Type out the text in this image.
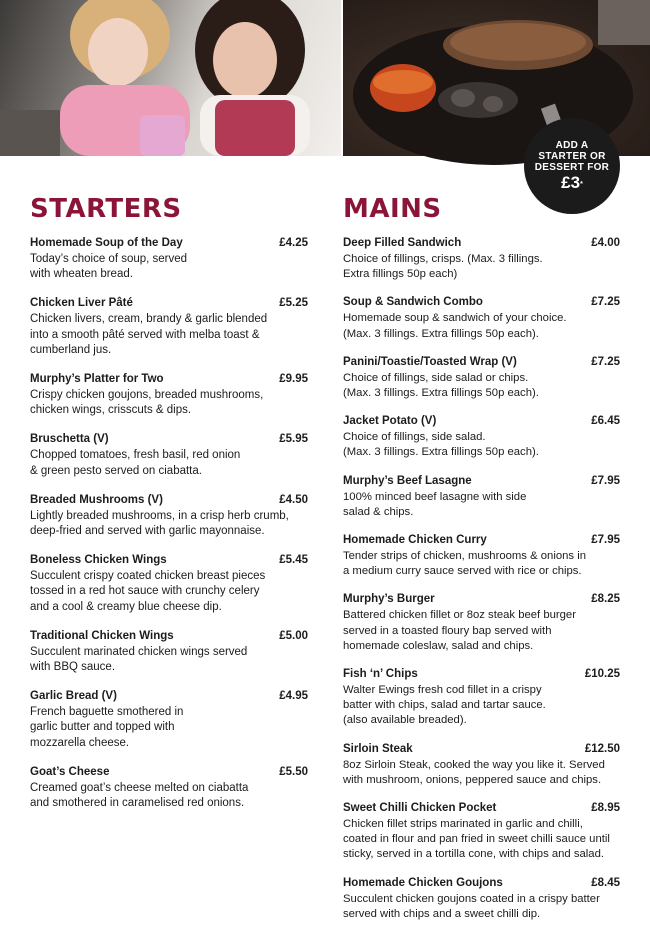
ADD A
STARTER OR
DESSERT FOR
£3*
STARTERS
Homemade Soup of the Day	£4.25
Today’s choice of soup, served
with wheaten bread.
Chicken Liver Pâté	£5.25
Chicken livers, cream, brandy & garlic blended
into a smooth pâté served with melba toast &
cumberland jus.
Murphy’s Platter for Two	£9.95
Crispy chicken goujons, breaded mushrooms,
chicken wings, crisscuts & dips.
Bruschetta (V)	£5.95
Chopped tomatoes, fresh basil, red onion
& green pesto served on ciabatta.
Breaded Mushrooms (V)	£4.50
Lightly breaded mushrooms, in a crisp herb crumb,
deep-fried and served with garlic mayonnaise.
Boneless Chicken Wings	£5.45
Succulent crispy coated chicken breast pieces
tossed in a red hot sauce with crunchy celery
and a cool & creamy blue cheese dip.
Traditional Chicken Wings	£5.00
Succulent marinated chicken wings served
with BBQ sauce.
Garlic Bread (V)	£4.95
French baguette smothered in
garlic butter and topped with
mozzarella cheese.
Goat’s Cheese	£5.50
Creamed goat’s cheese melted on ciabatta
and smothered in caramelised red onions.
MAINS
Deep Filled Sandwich	£4.00
Choice of fillings, crisps. (Max. 3 fillings.
Extra fillings 50p each)
Soup & Sandwich Combo	£7.25
Homemade soup & sandwich of your choice.
(Max. 3 fillings. Extra fillings 50p each).
Panini/Toastie/Toasted Wrap (V)	£7.25
Choice of fillings, side salad or chips.
(Max. 3 fillings. Extra fillings 50p each).
Jacket Potato (V)	£6.45
Choice of fillings, side salad.
(Max. 3 fillings. Extra fillings 50p each).
Murphy’s Beef Lasagne	£7.95
100% minced beef lasagne with side
salad & chips.
Homemade Chicken Curry	£7.95
Tender strips of chicken, mushrooms & onions in
a medium curry sauce served with rice or chips.
Murphy’s Burger	£8.25
Battered chicken fillet or 8oz steak beef burger
served in a toasted floury bap served with
homemade coleslaw, salad and chips.
Fish ‘n’ Chips	£10.25
Walter Ewings fresh cod fillet in a crispy
batter with chips, salad and tartar sauce.
(also available breaded).
Sirloin Steak	£12.50
8oz Sirloin Steak, cooked the way you like it. Served
with mushroom, onions, peppered sauce and chips.
Sweet Chilli Chicken Pocket	£8.95
Chicken fillet strips marinated in garlic and chilli,
coated in flour and pan fried in sweet chilli sauce until
sticky, served in a tortilla cone, with chips and salad.
Homemade Chicken Goujons	£8.45
Succulent chicken goujons coated in a crispy batter
served with chips and a sweet chilli dip.
